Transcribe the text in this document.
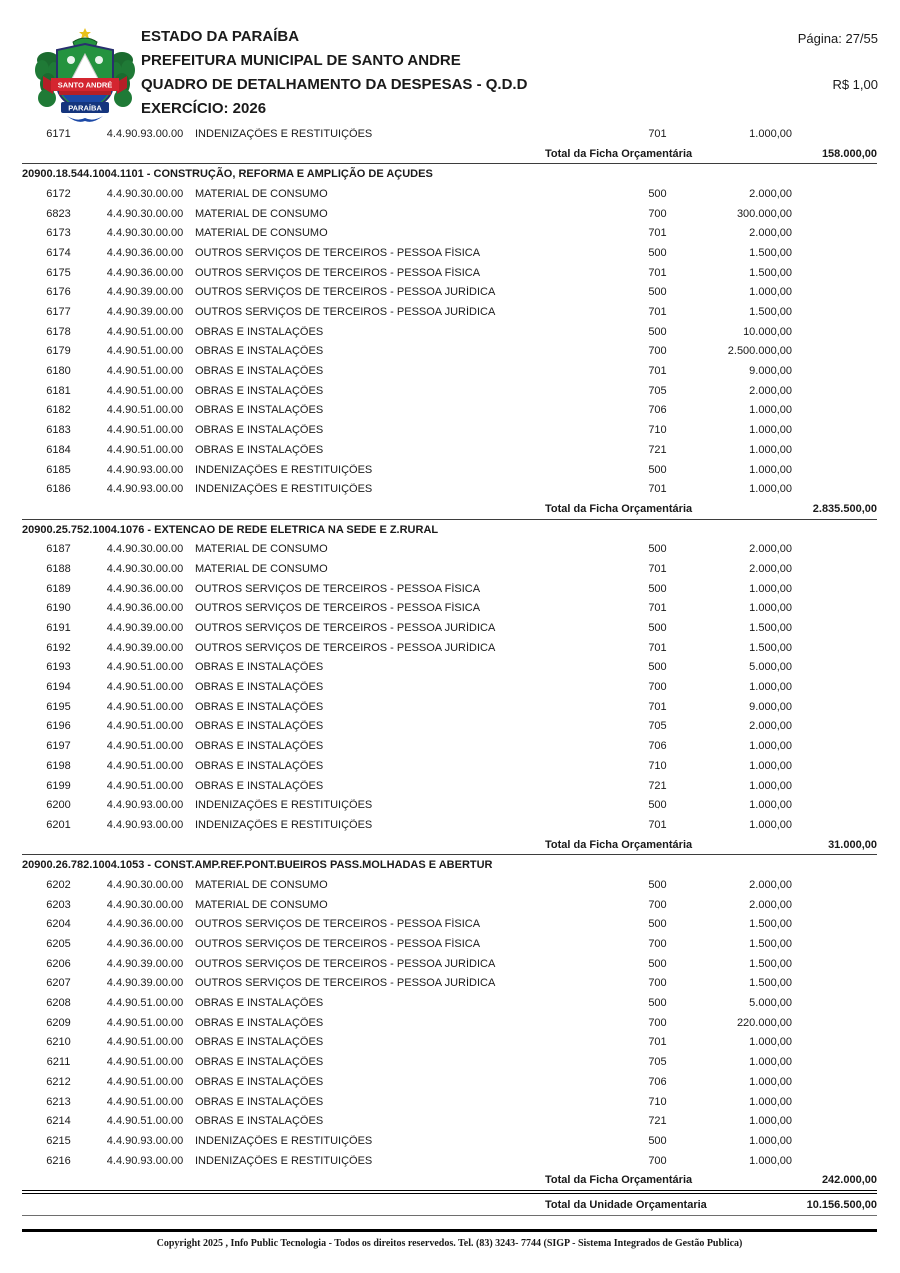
SANTO ANDRÉ
PARAÍBA
ESTADO DA PARAÍBA
PREFEITURA MUNICIPAL DE SANTO ANDRE
QUADRO DE DETALHAMENTO DA DESPESAS - Q.D.D
EXERCÍCIO: 2026
Página: 27/55
R$ 1,00
6171	4.4.90.93.00.00	INDENIZAÇÕES E RESTITUIÇÕES	701	1.000,00
Total da Ficha Orçamentária	158.000,00
20900.18.544.1004.1101 - CONSTRUÇÃO, REFORMA E AMPLIÇÃO DE AÇUDES
6172	4.4.90.30.00.00	MATERIAL DE CONSUMO	500	2.000,00
6823	4.4.90.30.00.00	MATERIAL DE CONSUMO	700	300.000,00
6173	4.4.90.30.00.00	MATERIAL DE CONSUMO	701	2.000,00
6174	4.4.90.36.00.00	OUTROS SERVIÇOS DE TERCEIROS - PESSOA FÍSICA	500	1.500,00
6175	4.4.90.36.00.00	OUTROS SERVIÇOS DE TERCEIROS - PESSOA FÍSICA	701	1.500,00
6176	4.4.90.39.00.00	OUTROS SERVIÇOS DE TERCEIROS - PESSOA JURÍDICA	500	1.000,00
6177	4.4.90.39.00.00	OUTROS SERVIÇOS DE TERCEIROS - PESSOA JURÍDICA	701	1.500,00
6178	4.4.90.51.00.00	OBRAS E INSTALAÇÕES	500	10.000,00
6179	4.4.90.51.00.00	OBRAS E INSTALAÇÕES	700	2.500.000,00
6180	4.4.90.51.00.00	OBRAS E INSTALAÇÕES	701	9.000,00
6181	4.4.90.51.00.00	OBRAS E INSTALAÇÕES	705	2.000,00
6182	4.4.90.51.00.00	OBRAS E INSTALAÇÕES	706	1.000,00
6183	4.4.90.51.00.00	OBRAS E INSTALAÇÕES	710	1.000,00
6184	4.4.90.51.00.00	OBRAS E INSTALAÇÕES	721	1.000,00
6185	4.4.90.93.00.00	INDENIZAÇÕES E RESTITUIÇÕES	500	1.000,00
6186	4.4.90.93.00.00	INDENIZAÇÕES E RESTITUIÇÕES	701	1.000,00
Total da Ficha Orçamentária	2.835.500,00
20900.25.752.1004.1076 - EXTENCAO DE REDE ELETRICA NA SEDE E Z.RURAL
6187	4.4.90.30.00.00	MATERIAL DE CONSUMO	500	2.000,00
6188	4.4.90.30.00.00	MATERIAL DE CONSUMO	701	2.000,00
6189	4.4.90.36.00.00	OUTROS SERVIÇOS DE TERCEIROS - PESSOA FÍSICA	500	1.000,00
6190	4.4.90.36.00.00	OUTROS SERVIÇOS DE TERCEIROS - PESSOA FÍSICA	701	1.000,00
6191	4.4.90.39.00.00	OUTROS SERVIÇOS DE TERCEIROS - PESSOA JURÍDICA	500	1.500,00
6192	4.4.90.39.00.00	OUTROS SERVIÇOS DE TERCEIROS - PESSOA JURÍDICA	701	1.500,00
6193	4.4.90.51.00.00	OBRAS E INSTALAÇÕES	500	5.000,00
6194	4.4.90.51.00.00	OBRAS E INSTALAÇÕES	700	1.000,00
6195	4.4.90.51.00.00	OBRAS E INSTALAÇÕES	701	9.000,00
6196	4.4.90.51.00.00	OBRAS E INSTALAÇÕES	705	2.000,00
6197	4.4.90.51.00.00	OBRAS E INSTALAÇÕES	706	1.000,00
6198	4.4.90.51.00.00	OBRAS E INSTALAÇÕES	710	1.000,00
6199	4.4.90.51.00.00	OBRAS E INSTALAÇÕES	721	1.000,00
6200	4.4.90.93.00.00	INDENIZAÇÕES E RESTITUIÇÕES	500	1.000,00
6201	4.4.90.93.00.00	INDENIZAÇÕES E RESTITUIÇÕES	701	1.000,00
Total da Ficha Orçamentária	31.000,00
20900.26.782.1004.1053 - CONST.AMP.REF.PONT.BUEIROS PASS.MOLHADAS E ABERTUR
6202	4.4.90.30.00.00	MATERIAL DE CONSUMO	500	2.000,00
6203	4.4.90.30.00.00	MATERIAL DE CONSUMO	700	2.000,00
6204	4.4.90.36.00.00	OUTROS SERVIÇOS DE TERCEIROS - PESSOA FÍSICA	500	1.500,00
6205	4.4.90.36.00.00	OUTROS SERVIÇOS DE TERCEIROS - PESSOA FÍSICA	700	1.500,00
6206	4.4.90.39.00.00	OUTROS SERVIÇOS DE TERCEIROS - PESSOA JURÍDICA	500	1.500,00
6207	4.4.90.39.00.00	OUTROS SERVIÇOS DE TERCEIROS - PESSOA JURÍDICA	700	1.500,00
6208	4.4.90.51.00.00	OBRAS E INSTALAÇÕES	500	5.000,00
6209	4.4.90.51.00.00	OBRAS E INSTALAÇÕES	700	220.000,00
6210	4.4.90.51.00.00	OBRAS E INSTALAÇÕES	701	1.000,00
6211	4.4.90.51.00.00	OBRAS E INSTALAÇÕES	705	1.000,00
6212	4.4.90.51.00.00	OBRAS E INSTALAÇÕES	706	1.000,00
6213	4.4.90.51.00.00	OBRAS E INSTALAÇÕES	710	1.000,00
6214	4.4.90.51.00.00	OBRAS E INSTALAÇÕES	721	1.000,00
6215	4.4.90.93.00.00	INDENIZAÇÕES E RESTITUIÇÕES	500	1.000,00
6216	4.4.90.93.00.00	INDENIZAÇÕES E RESTITUIÇÕES	700	1.000,00
Total da Ficha Orçamentária	242.000,00
Total da Unidade Orçamentaria	10.156.500,00
Copyright 2025 , Info Public Tecnologia - Todos os direitos reservedos. Tel. (83) 3243- 7744 (SIGP - Sistema Integrados de Gestão Publica)
